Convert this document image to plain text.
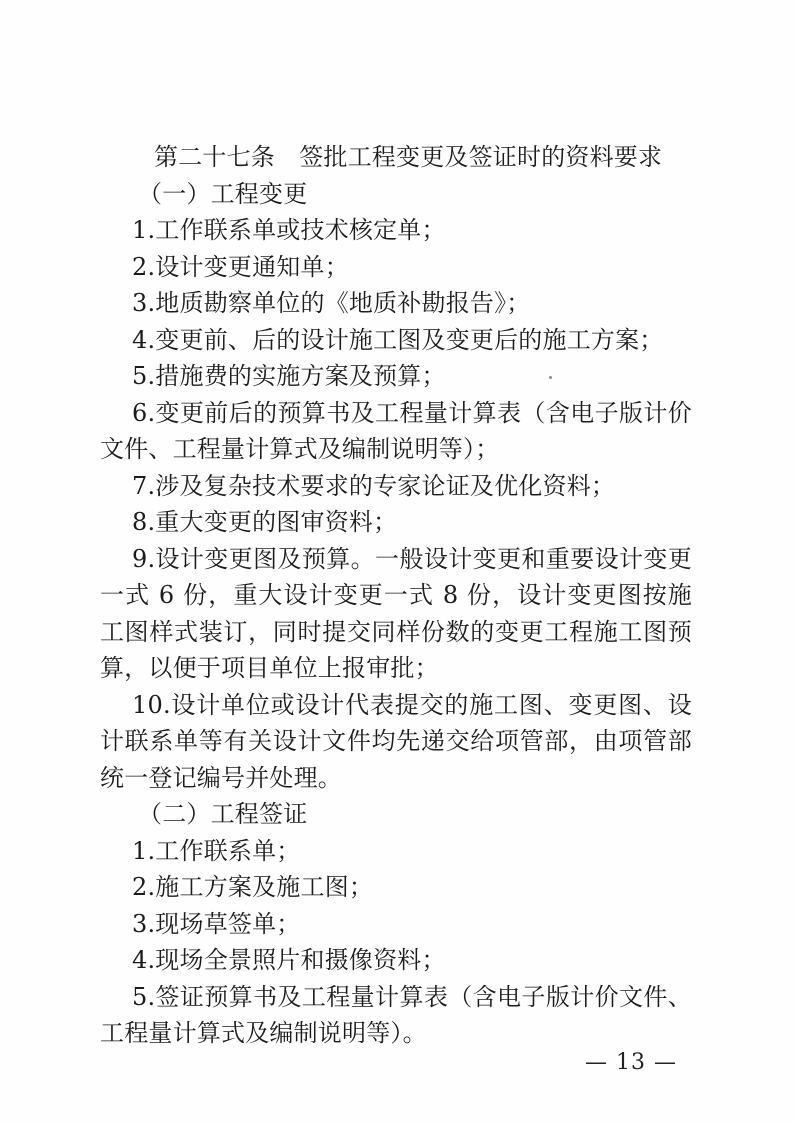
第二十七条　签批工程变更及签证时的资料要求

（一）工程变更

1.工作联系单或技术核定单；

2.设计变更通知单；

3.地质勘察单位的《地质补勘报告》；

4.变更前、后的设计施工图及变更后的施工方案；

5.措施费的实施方案及预算；

6.变更前后的预算书及工程量计算表（含电子版计价文件、工程量计算式及编制说明等）；

7.涉及复杂技术要求的专家论证及优化资料；

8.重大变更的图审资料；

9.设计变更图及预算。一般设计变更和重要设计变更一式 6 份，重大设计变更一式 8 份，设计变更图按施工图样式装订，同时提交同样份数的变更工程施工图预算，以便于项目单位上报审批；

10.设计单位或设计代表提交的施工图、变更图、设计联系单等有关设计文件均先递交给项管部，由项管部统一登记编号并处理。

（二）工程签证

1.工作联系单；

2.施工方案及施工图；

3.现场草签单；

4.现场全景照片和摄像资料；

5.签证预算书及工程量计算表（含电子版计价文件、工程量计算式及编制说明等）。

— 13 —
